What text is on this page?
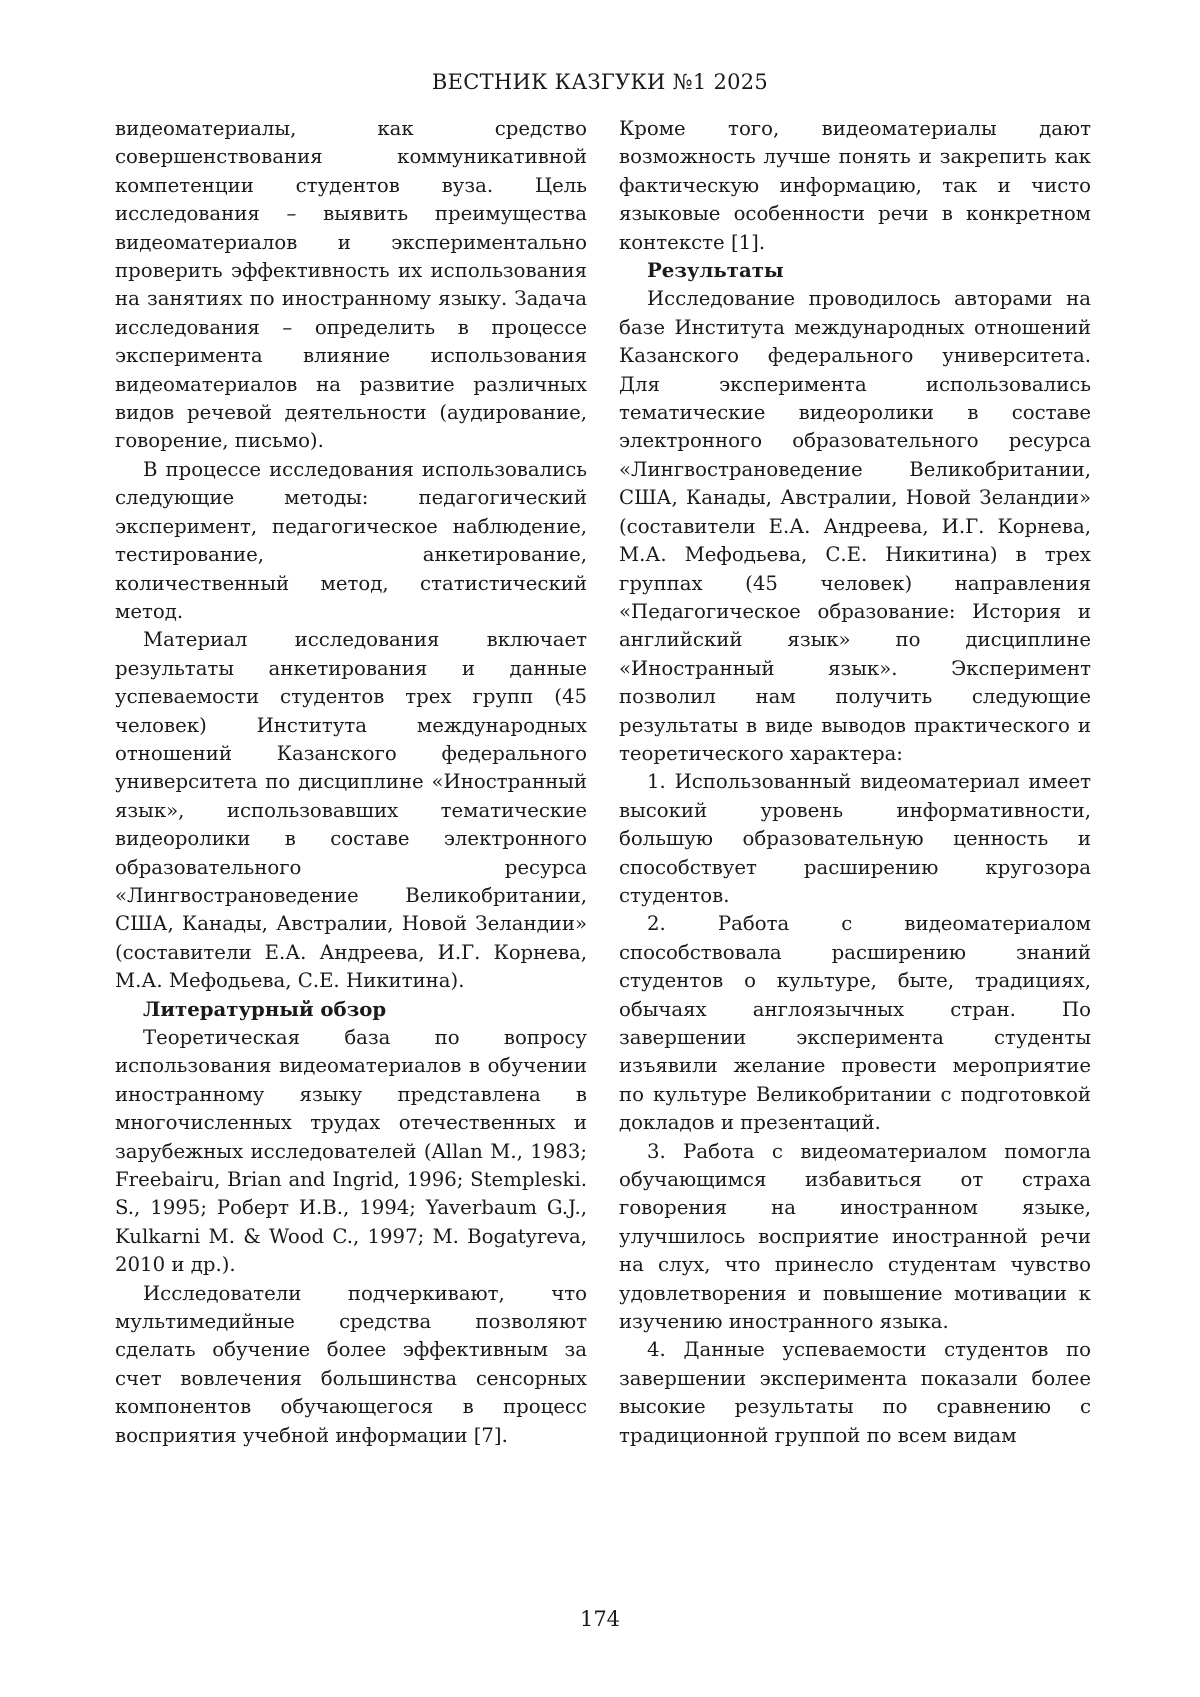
ВЕСТНИК КАЗГУКИ №1 2025

видеоматериалы, как средство совершенствования коммуникативной компетенции студентов вуза. Цель исследования – выявить преимущества видеоматериалов и экспериментально проверить эффективность их использования на занятиях по иностранному языку. Задача исследования – определить в процессе эксперимента влияние использования видеоматериалов на развитие различных видов речевой деятельности (аудирование, говорение, письмо).

В процессе исследования использовались следующие методы: педагогический эксперимент, педагогическое наблюдение, тестирование, анкетирование, количественный метод, статистический метод.

Материал исследования включает результаты анкетирования и данные успеваемости студентов трех групп (45 человек) Института международных отношений Казанского федерального университета по дисциплине «Иностранный язык», использовавших тематические видеоролики в составе электронного образовательного ресурса «Лингвострановедение Великобритании, США, Канады, Австралии, Новой Зеландии» (составители Е.А. Андреева, И.Г. Корнева, М.А. Мефодьева, С.Е. Никитина).

Литературный обзор

Теоретическая база по вопросу использования видеоматериалов в обучении иностранному языку представлена в многочисленных трудах отечественных и зарубежных исследователей (Allan M., 1983; Freebairu, Brian and Ingrid, 1996; Stempleski. S., 1995; Роберт И.В., 1994; Yaverbaum G.J., Kulkarni M. & Wood C., 1997; M. Bogatyreva, 2010 и др.).

Исследователи подчеркивают, что мультимедийные средства позволяют сделать обучение более эффективным за счет вовлечения большинства сенсорных компонентов обучающегося в процесс восприятия учебной информации [7].

Кроме того, видеоматериалы дают возможность лучше понять и закрепить как фактическую информацию, так и чисто языковые особенности речи в конкретном контексте [1].

Результаты

Исследование проводилось авторами на базе Института международных отношений Казанского федерального университета. Для эксперимента использовались тематические видеоролики в составе электронного образовательного ресурса «Лингвострановедение Великобритании, США, Канады, Австралии, Новой Зеландии» (составители Е.А. Андреева, И.Г. Корнева, М.А. Мефодьева, С.Е. Никитина) в трех группах (45 человек) направления «Педагогическое образование: История и английский язык» по дисциплине «Иностранный язык». Эксперимент позволил нам получить следующие результаты в виде выводов практического и теоретического характера:

1. Использованный видеоматериал имеет высокий уровень информативности, большую образовательную ценность и способствует расширению кругозора студентов.

2. Работа с видеоматериалом способствовала расширению знаний студентов о культуре, быте, традициях, обычаях англоязычных стран. По завершении эксперимента студенты изъявили желание провести мероприятие по культуре Великобритании с подготовкой докладов и презентаций.

3. Работа с видеоматериалом помогла обучающимся избавиться от страха говорения на иностранном языке, улучшилось восприятие иностранной речи на слух, что принесло студентам чувство удовлетворения и повышение мотивации к изучению иностранного языка.

4. Данные успеваемости студентов по завершении эксперимента показали более высокие результаты по сравнению с традиционной группой по всем видам

174
